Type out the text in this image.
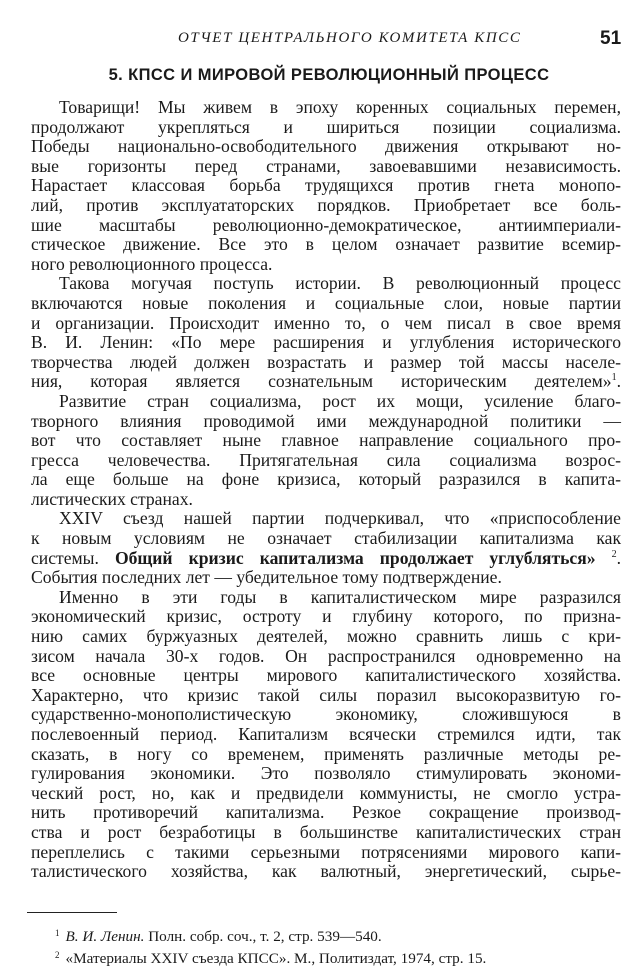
ОТЧЕТ ЦЕНТРАЛЬНОГО КОМИТЕТА КПСС	51
5. КПСС И МИРОВОЙ РЕВОЛЮЦИОННЫЙ ПРОЦЕСС
Товарищи! Мы живем в эпоху коренных социальных перемен,
продолжают укрепляться и шириться позиции социализма.
Победы национально-освободительного движения открывают но-
вые горизонты перед странами, завоевавшими независимость.
Нарастает классовая борьба трудящихся против гнета монопо-
лий, против эксплуататорских порядков. Приобретает все боль-
шие масштабы революционно-демократическое, антиимпериали-
стическое движение. Все это в целом означает развитие всемир-
ного революционного процесса.
Такова могучая поступь истории. В революционный процесс
включаются новые поколения и социальные слои, новые партии
и организации. Происходит именно то, о чем писал в свое время
В. И. Ленин: «По мере расширения и углубления исторического
творчества людей должен возрастать и размер той массы населе-
ния, которая является сознательным историческим деятелем»$^1$.
Развитие стран социализма, рост их мощи, усиление благо-
творного влияния проводимой ими международной политики —
вот что составляет ныне главное направление социального про-
гресса человечества. Притягательная сила социализма возрос-
ла еще больше на фоне кризиса, который разразился в капита-
листических странах.
XXIV съезд нашей партии подчеркивал, что «приспособление
к новым условиям не означает стабилизации капитализма как
системы. Общий кризис капитализма продолжает углубляться» $^2$.
События последних лет — убедительное тому подтверждение.
Именно в эти годы в капиталистическом мире разразился
экономический кризис, остроту и глубину которого, по призна-
нию самих буржуазных деятелей, можно сравнить лишь с кри-
зисом начала 30-х годов. Он распространился одновременно на
все основные центры мирового капиталистического хозяйства.
Характерно, что кризис такой силы поразил высокоразвитую го-
сударственно-монополистическую экономику, сложившуюся в
послевоенный период. Капитализм всячески стремился идти, так
сказать, в ногу со временем, применять различные методы ре-
гулирования экономики. Это позволяло стимулировать экономи-
ческий рост, но, как и предвидели коммунисты, не смогло устра-
нить противоречий капитализма. Резкое сокращение производ-
ства и рост безработицы в большинстве капиталистических стран
переплелись с такими серьезными потрясениями мирового капи-
талистического хозяйства, как валютный, энергетический, сырье-
$^1$ В. И. Ленин. Полн. собр. соч., т. 2, стр. 539—540.
$^2$ «Материалы XXIV съезда КПСС». М., Политиздат, 1974, стр. 15.
